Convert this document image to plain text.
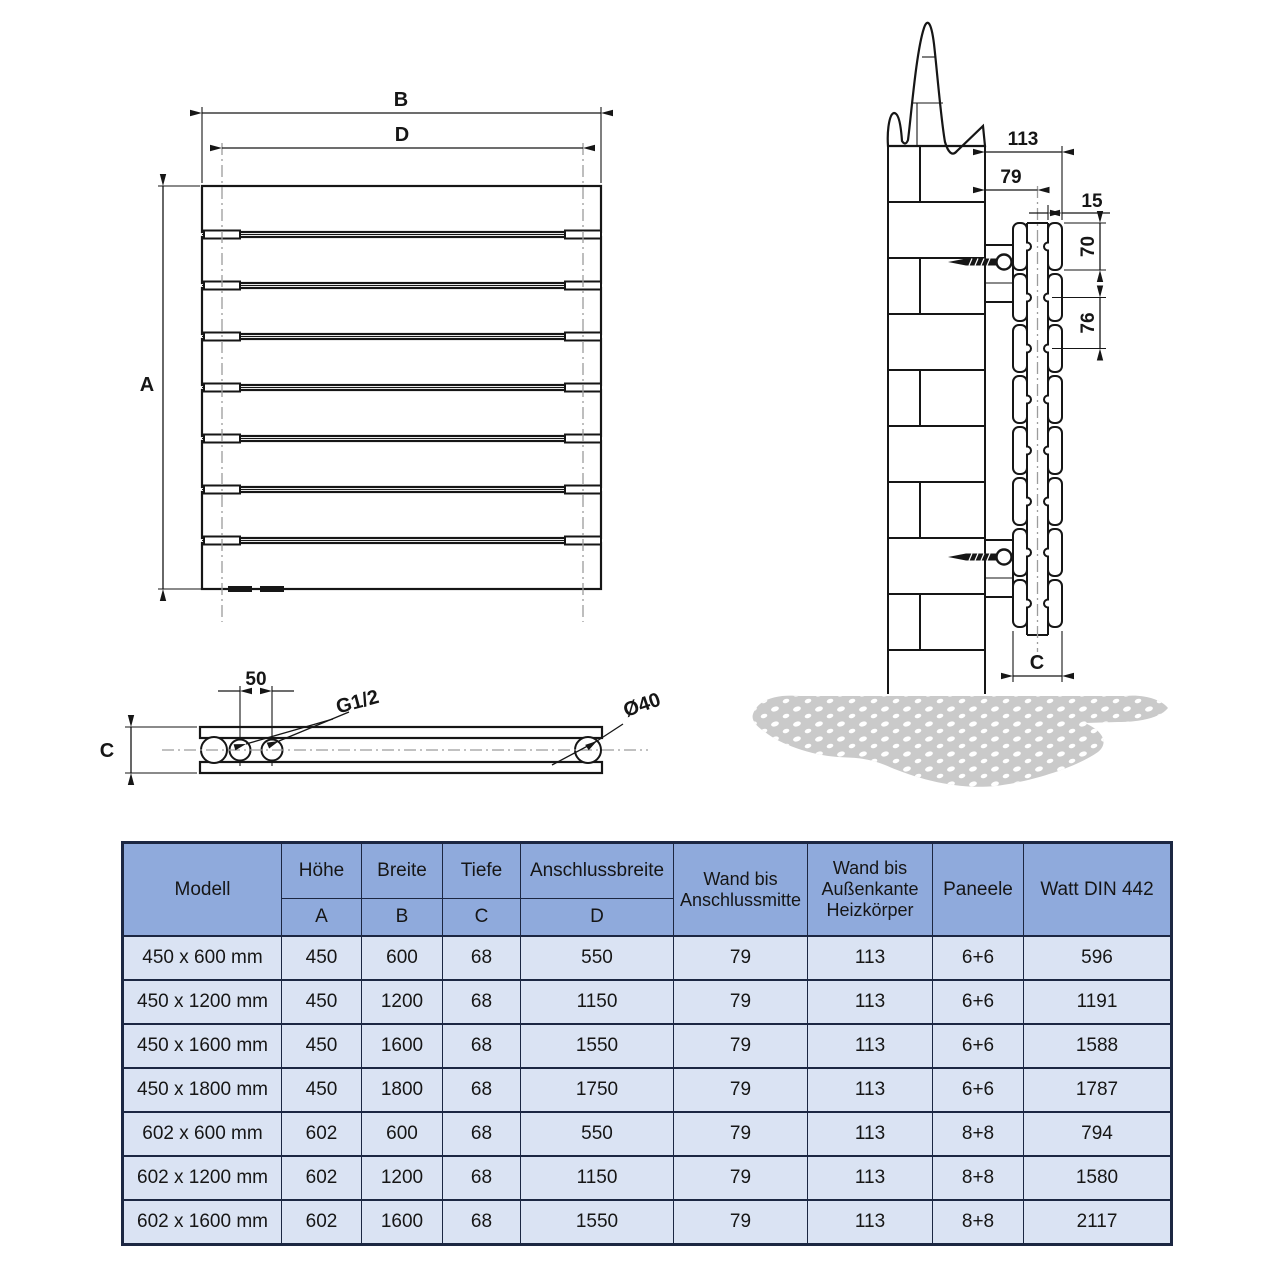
B
D
A
113
79
15
70
76
C
50
C
G1/2	Ø40
Modell	Höhe	Breite	Tiefe	Anschlussbreite	Wand bis Anschlussmitte	Wand bis Außenkante Heizkörper	Paneele	Watt DIN 442
	A	B	C	D				
450 x 600 mm	450	600	68	550	79	113	6+6	596
450 x 1200 mm	450	1200	68	1150	79	113	6+6	1191
450 x 1600 mm	450	1600	68	1550	79	113	6+6	1588
450 x 1800 mm	450	1800	68	1750	79	113	6+6	1787
602 x 600 mm	602	600	68	550	79	113	8+8	794
602 x 1200 mm	602	1200	68	1150	79	113	8+8	1580
602 x 1600 mm	602	1600	68	1550	79	113	8+8	2117
